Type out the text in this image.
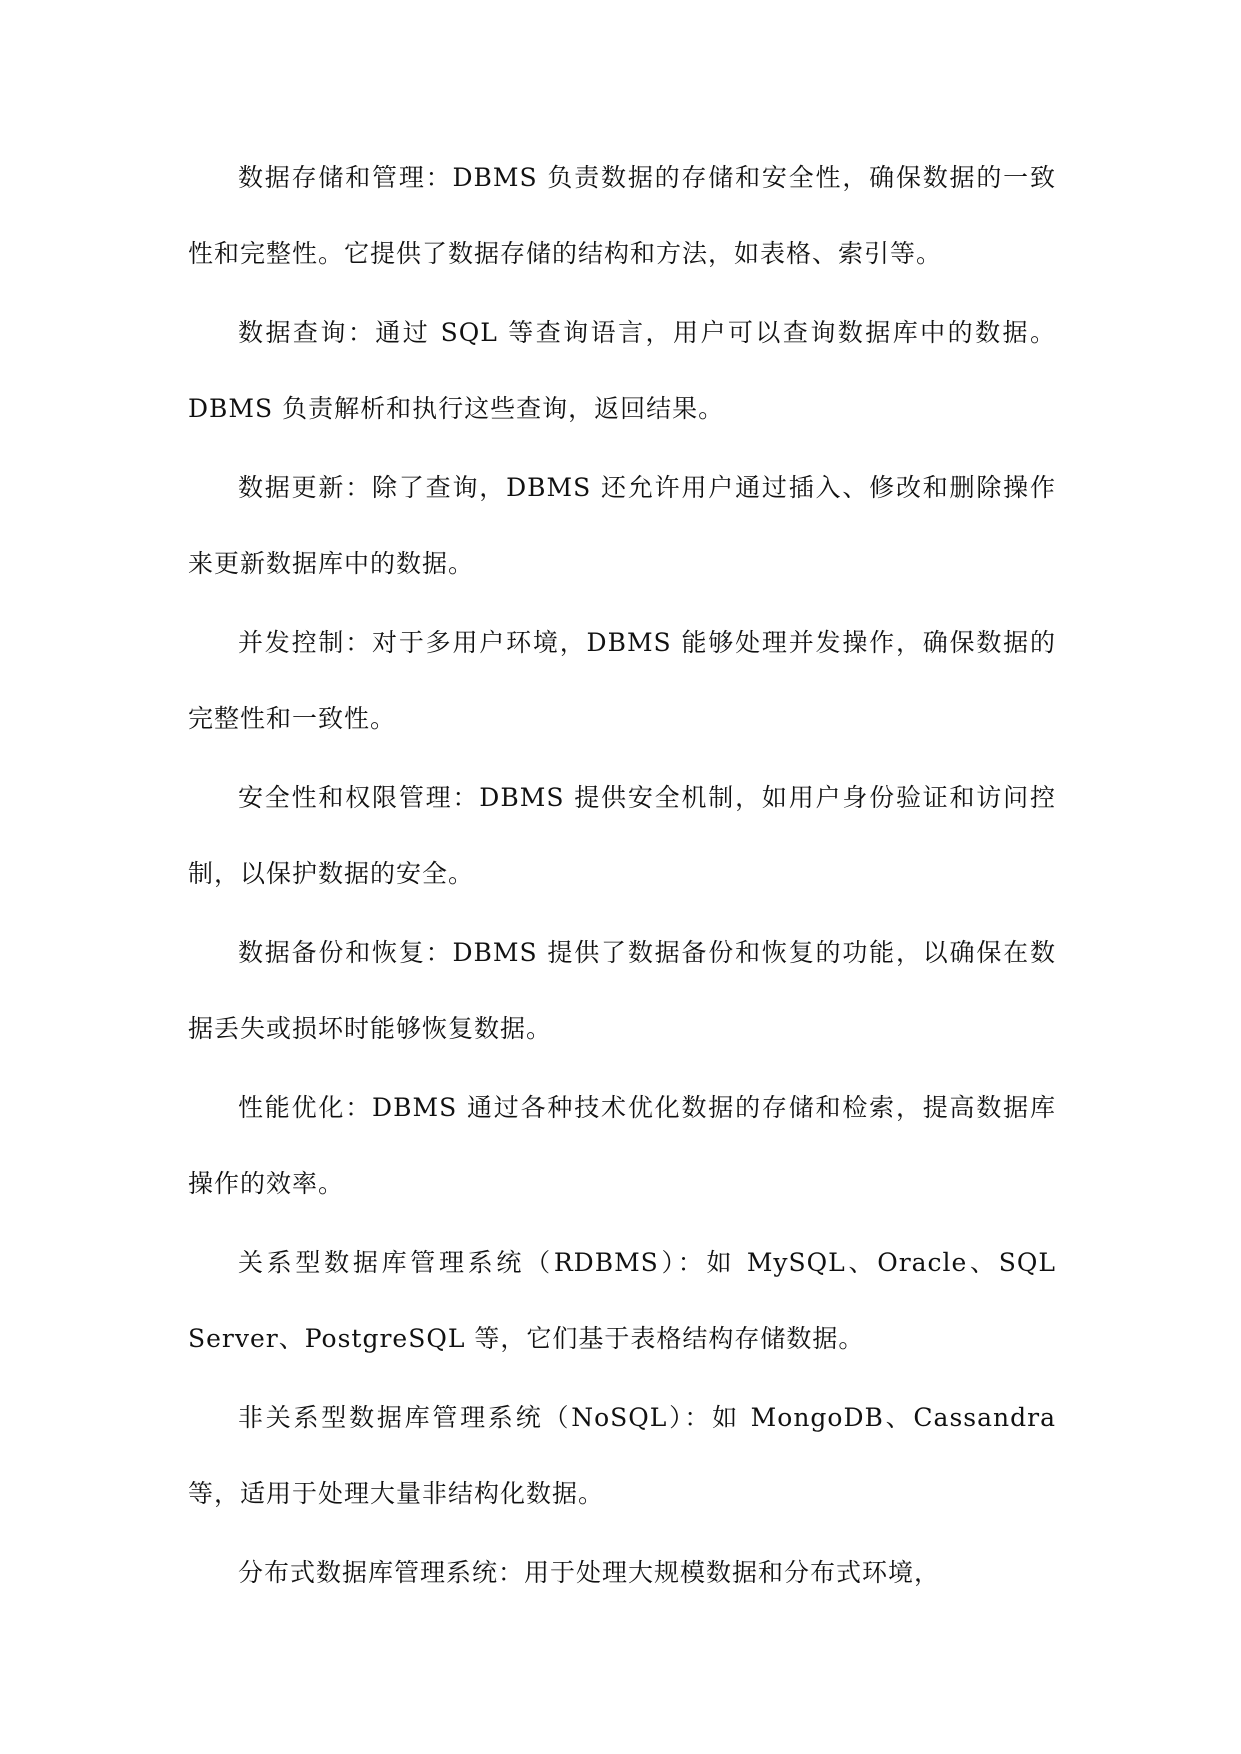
数据存储和管理：DBMS 负责数据的存储和安全性，确保数据的一致性和完整性。它提供了数据存储的结构和方法，如表格、索引等。

数据查询：通过 SQL 等查询语言，用户可以查询数据库中的数据。DBMS 负责解析和执行这些查询，返回结果。

数据更新：除了查询，DBMS 还允许用户通过插入、修改和删除操作来更新数据库中的数据。

并发控制：对于多用户环境，DBMS 能够处理并发操作，确保数据的完整性和一致性。

安全性和权限管理：DBMS 提供安全机制，如用户身份验证和访问控制，以保护数据的安全。

数据备份和恢复：DBMS 提供了数据备份和恢复的功能，以确保在数据丢失或损坏时能够恢复数据。

性能优化：DBMS 通过各种技术优化数据的存储和检索，提高数据库操作的效率。

关系型数据库管理系统（RDBMS）：如 MySQL、Oracle、SQL Server、PostgreSQL 等，它们基于表格结构存储数据。

非关系型数据库管理系统（NoSQL）：如 MongoDB、Cassandra 等，适用于处理大量非结构化数据。

分布式数据库管理系统：用于处理大规模数据和分布式环境，
